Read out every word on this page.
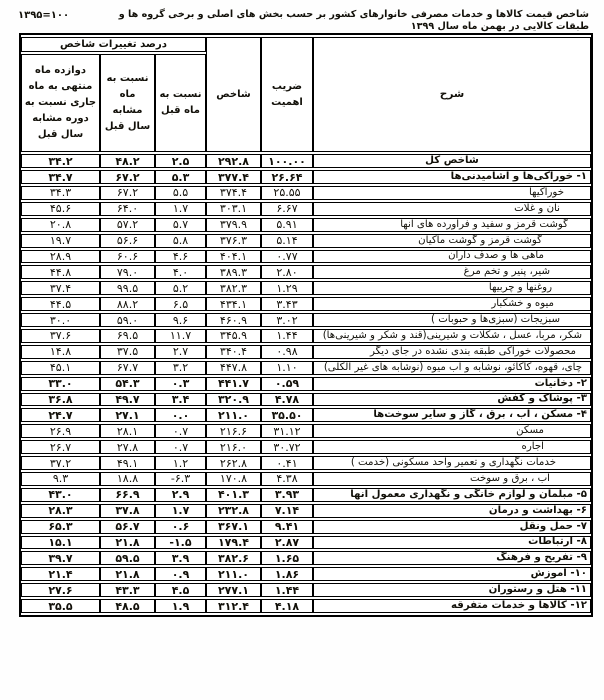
۱۳۹۵=۱۰۰	شاخص قیمت کالاها و خدمات مصرفی خانوارهای کشور بر حسب بخش های اصلی و برخی گروه ها و طبقات کالایی در بهمن ماه سال ۱۳۹۹
شرح	ضریب اهمیت	شاخص	درصد تغییرات شاخص		
			نسبت به ماه قبل	نسبت به ماه مشابه سال قبل	دوازده ماه منتهی به ماه جاری نسبت به دوره مشابه سال قبل
شاخص کل	۱۰۰.۰۰	۲۹۲.۸	۲.۵	۴۸.۲	۳۴.۲
۱- خوراکی‌ها و آشامیدنی‌ها	۲۶.۶۴	۳۷۷.۴	۵.۳	۶۷.۲	۳۴.۷
خوراکیها	۲۵.۵۵	۳۷۴.۴	۵.۵	۶۷.۲	۳۴.۳
نان و غلات	۶.۶۷	۳۰۳.۱	۱.۷	۶۴.۰	۴۵.۶
گوشت قرمز و سفید و فرآورده های آنها	۵.۹۱	۳۷۹.۹	۵.۷	۵۷.۲	۲۰.۸
گوشت قرمز و گوشت ماکیان	۵.۱۴	۳۷۶.۳	۵.۸	۵۶.۶	۱۹.۷
ماهی ها و صدف داران	۰.۷۷	۴۰۴.۱	۴.۶	۶۰.۶	۲۸.۹
شیر، پنیر و تخم مرغ	۲.۸۰	۳۸۹.۳	۴.۰	۷۹.۰	۴۴.۸
روغنها و چربیها	۱.۲۹	۳۸۲.۳	۵.۲	۹۹.۵	۳۷.۴
میوه و خشکبار	۳.۴۳	۴۳۴.۱	۶.۵	۸۸.۲	۴۴.۵
سبزیجات (سبزی‌ها و حبوبات )	۳.۰۲	۴۶۰.۹	۹.۶	۵۹.۰	۳۰.۰
شکر، مربا، عسل ، شکلات و شیرینی(قند و شکر و شیرینی‌ها)	۱.۴۴	۳۴۵.۹	۱۱.۷	۶۹.۵	۳۷.۶
محصولات خوراکی طبقه بندی نشده در جای دیگر	۰.۹۸	۳۴۰.۴	۲.۷	۳۷.۵	۱۴.۸
چای، قهوه، کاکائو، نوشابه و آب میوه (نوشابه های غیر الکلی)	۱.۱۰	۴۴۷.۸	۳.۲	۶۷.۷	۴۵.۱
۲- دخانیات	۰.۵۹	۴۴۱.۷	۰.۳	۵۴.۳	۳۳.۰
۳- پوشاک و کفش	۴.۷۸	۳۲۰.۹	۳.۴	۴۹.۷	۳۶.۸
۴- مسکن ، آب ، برق ، گاز و سایر سوخت‌ها	۳۵.۵۰	۲۱۱.۰	۰.۰	۲۷.۱	۲۴.۷
مسکن	۳۱.۱۲	۲۱۶.۶	۰.۷	۲۸.۱	۲۶.۹
اجاره	۳۰.۷۲	۲۱۶.۰	۰.۷	۲۷.۸	۲۶.۷
خدمات نگهداری و تعمیر واحد مسکونی (خدمت )	۰.۴۱	۲۶۲.۸	۱.۲	۴۹.۱	۳۷.۲
آب ، برق و سوخت	۴.۳۸	۱۷۰.۸	-۶.۳	۱۸.۸	۹.۳
۵- مبلمان و لوازم خانگی و نگهداری معمول آنها	۳.۹۳	۴۰۱.۳	۲.۹	۶۶.۹	۴۳.۰
۶- بهداشت و درمان	۷.۱۴	۲۳۲.۸	۱.۷	۳۷.۸	۲۸.۳
۷- حمل ونقل	۹.۴۱	۳۶۷.۱	۰.۶	۵۶.۷	۶۵.۳
۸- ارتباطات	۲.۸۷	۱۷۹.۴	-۱.۵	۲۱.۸	۱۵.۱
۹- تفریح و فرهنگ	۱.۶۵	۳۸۲.۶	۳.۹	۵۹.۵	۳۹.۷
۱۰- آموزش	۱.۸۶	۲۱۱.۰	۰.۹	۲۱.۸	۲۱.۴
۱۱- هتل و رستوران	۱.۴۴	۲۷۷.۱	۴.۵	۴۳.۳	۲۷.۶
۱۲- کالاها و خدمات متفرقه	۴.۱۸	۳۱۲.۴	۱.۹	۴۸.۵	۳۵.۵
